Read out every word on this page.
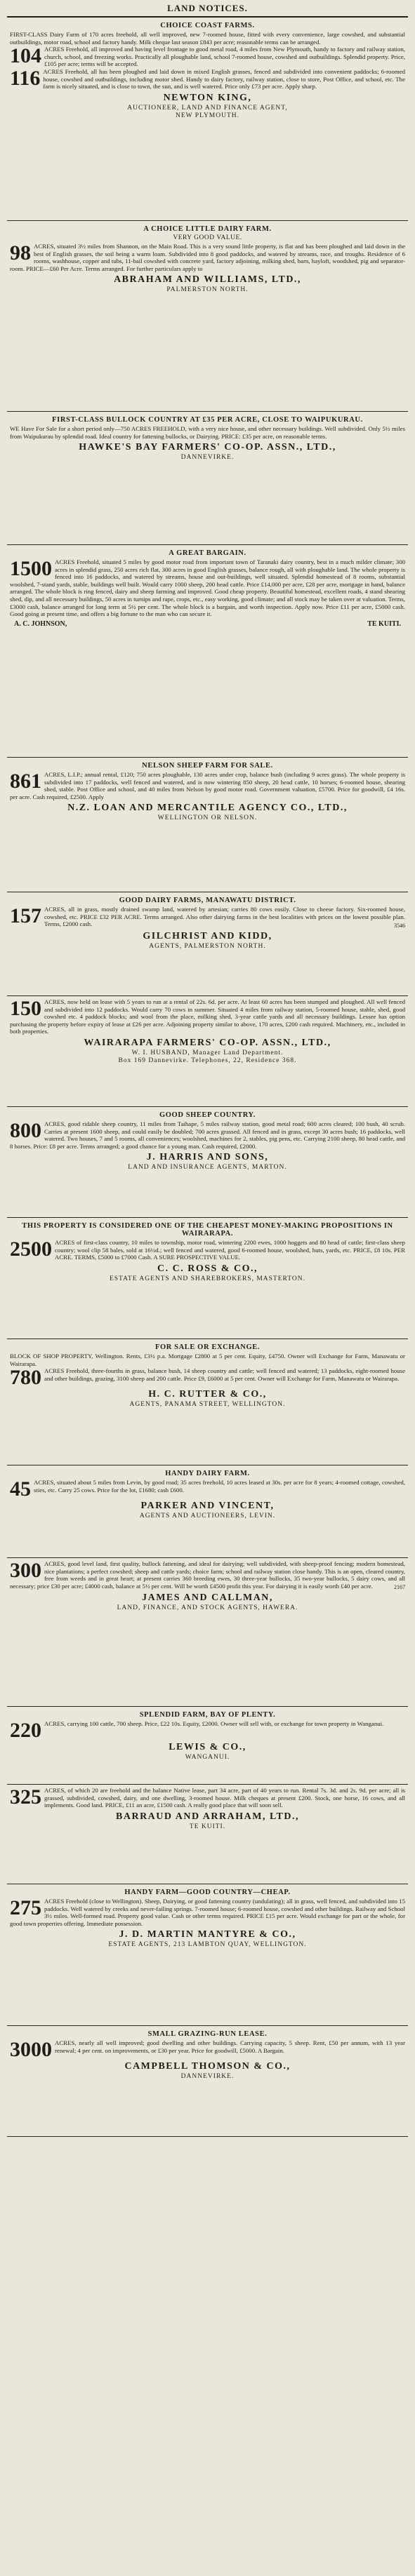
LAND NOTICES.
CHOICE COAST FARMS.
FIRST-CLASS Dairy Farm of 170 acres freehold, all well improved, new 7-roomed house, fitted with every convenience, large cowshed, and substantial outbuildings, motor road, school and factory handy. Milk cheque last season £843 per acre; reasonable terms can be arranged.
104 ACRES Freehold, all improved and having level frontage to good metal road, 4 miles from New Plymouth, handy to factory and railway station, church, school, and freezing works. Practically all ploughable land, school 7-roomed house, cowshed and outbuildings. Splendid property. Price, £105 per acre; terms will be accepted.
116 ACRES Freehold, all has been ploughed and laid down in mixed English grasses, fenced and subdivided into convenient paddocks; 6-roomed house, cowshed and outbuildings, including motor shed. Handy to dairy factory, railway station, close to store, Post Office, and school, etc. The farm is nicely situated, and is close to town, the sun, and is well watered. Price only £73 per acre. Apply sharp.
NEWTON KING,
AUCTIONEER, LAND AND FINANCE AGENT,
NEW PLYMOUTH.
A CHOICE LITTLE DAIRY FARM.
VERY GOOD VALUE.
98 ACRES, situated 3½ miles from Shannon, on the Main Road. This is a very sound little property, is flat and has been ploughed and laid down in the best of English grasses, the soil being a warm loam. Subdivided into 8 good paddocks, and watered by streams, race, and troughs. Residence of 6 rooms, washhouse, copper and tubs, 11-bail cowshed with concrete yard, factory adjoining, milking shed, barn, hayloft, woodshed, pig and separator-room. PRICE—£60 Per Acre. Terms arranged. For further particulars apply to
ABRAHAM AND WILLIAMS, LTD.,
PALMERSTON NORTH.
FIRST-CLASS BULLOCK COUNTRY AT £35 PER ACRE, CLOSE TO WAIPUKURAU.
WE Have For Sale for a short period only—750 ACRES FREEHOLD, with a very nice house, and other necessary buildings. Well subdivided. Only 5½ miles from Waipukurau by splendid road. Ideal country for fattening bullocks, or Dairying. PRICE: £35 per acre, on reasonable terms.
HAWKE'S BAY FARMERS' CO-OP. ASSN., LTD.,
DANNEVIRKE.
A GREAT BARGAIN.
1500 ACRES Freehold, situated 5 miles by good motor road from important town of Taranaki dairy country, best in a much milder climate; 300 acres in splendid grass, 250 acres rich flat, 300 acres in good English grasses, balance rough, all with ploughable land. The whole property is fenced into 16 paddocks, and watered by streams, house and out-buildings, well situated. Splendid homestead of 8 rooms, substantial woolshed, 7-stand yards, stable, buildings well built. Would carry 1000 sheep, 200 head cattle. Price £14,000 per acre, £28 per acre, mortgage in hand, balance arranged. The whole block is ring fenced, dairy and sheep farming and improved. Good cheap property. Beautiful homestead, excellent roads, 4 stand shearing shed, dip, and all necessary buildings, 50 acres in turnips and rape, crops, etc., easy working, good climate; and all stock may be taken over at valuation. Terms, £3000 cash, balance arranged for long term at 5½ per cent. The whole block is a bargain, and worth inspection. Apply now. Price £11 per acre, £5000 cash. Good going at present time, and offers a big fortune to the man who can secure it.
A. C. JOHNSON,	TE KUITI.
NELSON SHEEP FARM FOR SALE.
861 ACRES, L.I.P.; annual rental, £120; 750 acres ploughable, 130 acres under crop, balance bush (including 9 acres grass). The whole property is subdivided into 17 paddocks, well fenced and watered, and is now wintering 850 sheep, 20 head cattle, 10 horses; 6-roomed house, shearing shed, stable. Post Office and school, and 40 miles from Nelson by good motor road. Government valuation, £5700. Price for goodwill, £4 16s. per acre. Cash required, £2500. Apply
N.Z. LOAN AND MERCANTILE AGENCY CO., LTD.,
WELLINGTON OR NELSON.
GOOD DAIRY FARMS, MANAWATU DISTRICT.
157 ACRES, all in grass, mostly drained swamp land, watered by artesian; carries 80 cows easily. Close to cheese factory. Six-roomed house, cowshed, etc. PRICE £32 PER ACRE. Terms arranged. Also other dairying farms in the best localities with prices on the lowest possible plan. Terms, £2000 cash.	3546
GILCHRIST AND KIDD,
AGENTS, PALMERSTON NORTH.
150 ACRES, now held on lease with 5 years to run at a rental of 22s. 6d. per acre. At least 60 acres has been stumped and ploughed. All well fenced and subdivided into 12 paddocks. Would carry 70 cows in summer. Situated 4 miles from railway station, 5-roomed house, stable, shed, good cowshed etc. 4 paddock blocks; and wool from the place, milking shed, 3-year cattle yards and all necessary buildings. Lessee has option purchasing the property before expiry of lease at £26 per acre. Adjoining property similar to above, 170 acres, £200 cash required. Machinery, etc., included in both properties.
WAIRARAPA FARMERS' CO-OP. ASSN., LTD.,
W. I. HUSBAND, Manager Land Department.
Box 169 Dannevirke. Telephones, 22, Residence 368.
GOOD SHEEP COUNTRY.
800 ACRES, good ridable sheep country, 11 miles from Taihape, 5 miles railway station, good metal road; 600 acres cleared; 100 bush, 40 scrub. Carries at present 1600 sheep, and could easily be doubled; 700 acres grassed. All fenced and in grass, except 30 acres bush; 16 paddocks, well watered. Two houses, 7 and 5 rooms, all conveniences; woolshed, machines for 2, stables, pig pens, etc. Carrying 2100 sheep, 80 head cattle, and 8 horses. Price: £8 per acre. Terms arranged; a good chance for a young man. Cash required, £2000.
J. HARRIS AND SONS,
LAND AND INSURANCE AGENTS, MARTON.
THIS PROPERTY IS CONSIDERED ONE OF THE CHEAPEST MONEY-MAKING PROPOSITIONS IN WAIRARAPA.
2500 ACRES of first-class country, 10 miles to township, motor road, wintering 2200 ewes, 1000 hoggets and 80 head of cattle; first-class sheep country; wool clip 58 bales, sold at 16½d.; well fenced and watered, good 6-roomed house, woolshed, huts, yards, etc. PRICE, £8 10s. PER ACRE. TERMS, £5000 to £7000 Cash. A SURE PROSPECTIVE VALUE.
C. C. ROSS & CO.,
ESTATE AGENTS AND SHAREBROKERS, MASTERTON.
FOR SALE OR EXCHANGE.
BLOCK OF SHOP PROPERTY, Wellington. Rents, £3½ p.a. Mortgage £2800 at 5 per cent. Equity, £4750. Owner will Exchange for Farm, Manawatu or Wairarapa.
780 ACRES Freehold, three-fourths in grass, balance bush, 14 sheep country and cattle; well fenced and watered; 13 paddocks, eight-roomed house and other buildings, grazing, 3100 sheep and 200 cattle. Price £9, £6000 at 5 per cent. Owner will Exchange for Farm, Manawatu or Wairarapa.
H. C. RUTTER & CO.,
AGENTS, PANAMA STREET, WELLINGTON.
HANDY DAIRY FARM.
45 ACRES, situated about 5 miles from Levin, by good road; 35 acres freehold, 10 acres leased at 30s. per acre for 8 years; 4-roomed cottage, cowshed, sties, etc. Carry 25 cows. Price for the lot, £1680; cash £600.
PARKER AND VINCENT,
AGENTS AND AUCTIONEERS, LEVIN.
300 ACRES, good level land, first quality, bullock fattening, and ideal for dairying; well subdivided, with sheep-proof fencing; modern homestead, nice plantations; a perfect cowshed; sheep and cattle yards; choice farm; school and railway station close handy. This is an open, cleared country, free from weeds and in great heart; at present carries 360 breeding ewes, 30 three-year bullocks, 35 two-year bullocks, 5 dairy cows, and all necessary; price £30 per acre; £4000 cash, balance at 5½ per cent. Will be worth £4500 profit this year. For dairying it is easily worth £40 per acre.	2167
JAMES AND CALLMAN,
LAND, FINANCE, AND STOCK AGENTS, HAWERA.
SPLENDID FARM, BAY OF PLENTY.
220 ACRES, carrying 100 cattle, 700 sheep. Price, £22 10s. Equity, £2000. Owner will sell with, or exchange for town property in Wanganui.
LEWIS & CO.,
WANGANUI.
325 ACRES, of which 20 are freehold and the balance Native lease, part 34 acre, part of 40 years to run. Rental 7s. 3d. and 2s. 9d. per acre; all is grassed, subdivided, cowshed, dairy, and one dwelling, 3-roomed house. Milk cheques at present £200. Stock, one horse, 16 cows, and all implements. Good land. PRICE, £11 an acre, £1500 cash. A really good place that will soon sell.
BARRAUD AND ARRAHAM, LTD.,
TE KUITI.
HANDY FARM—GOOD COUNTRY—CHEAP.
275 ACRES Freehold (close to Wellington). Sheep, Dairying, or good fattening country (undulating); all in grass, well fenced, and subdivided into 15 paddocks. Well watered by creeks and never-failing springs. 7-roomed house; 6-roomed house, cowshed and other buildings. Railway and School 3½ miles. Well-formed road. Property good value. Cash or other terms required. PRICE £15 per acre. Would exchange for part or the whole, for good town properties offering. Immediate possession.
J. D. MARTIN MANTYRE & CO.,
ESTATE AGENTS, 213 LAMBTON QUAY, WELLINGTON.
SMALL GRAZING-RUN LEASE.
3000 ACRES, nearly all well improved; good dwelling and other buildings. Carrying capacity, 5 sheep. Rent, £50 per annum, with 13 year renewal; 4 per cent. on improvements, or £30 per year. Price for goodwill, £5000. A Bargain.
CAMPBELL THOMSON & CO.,
DANNEVIRKE.
